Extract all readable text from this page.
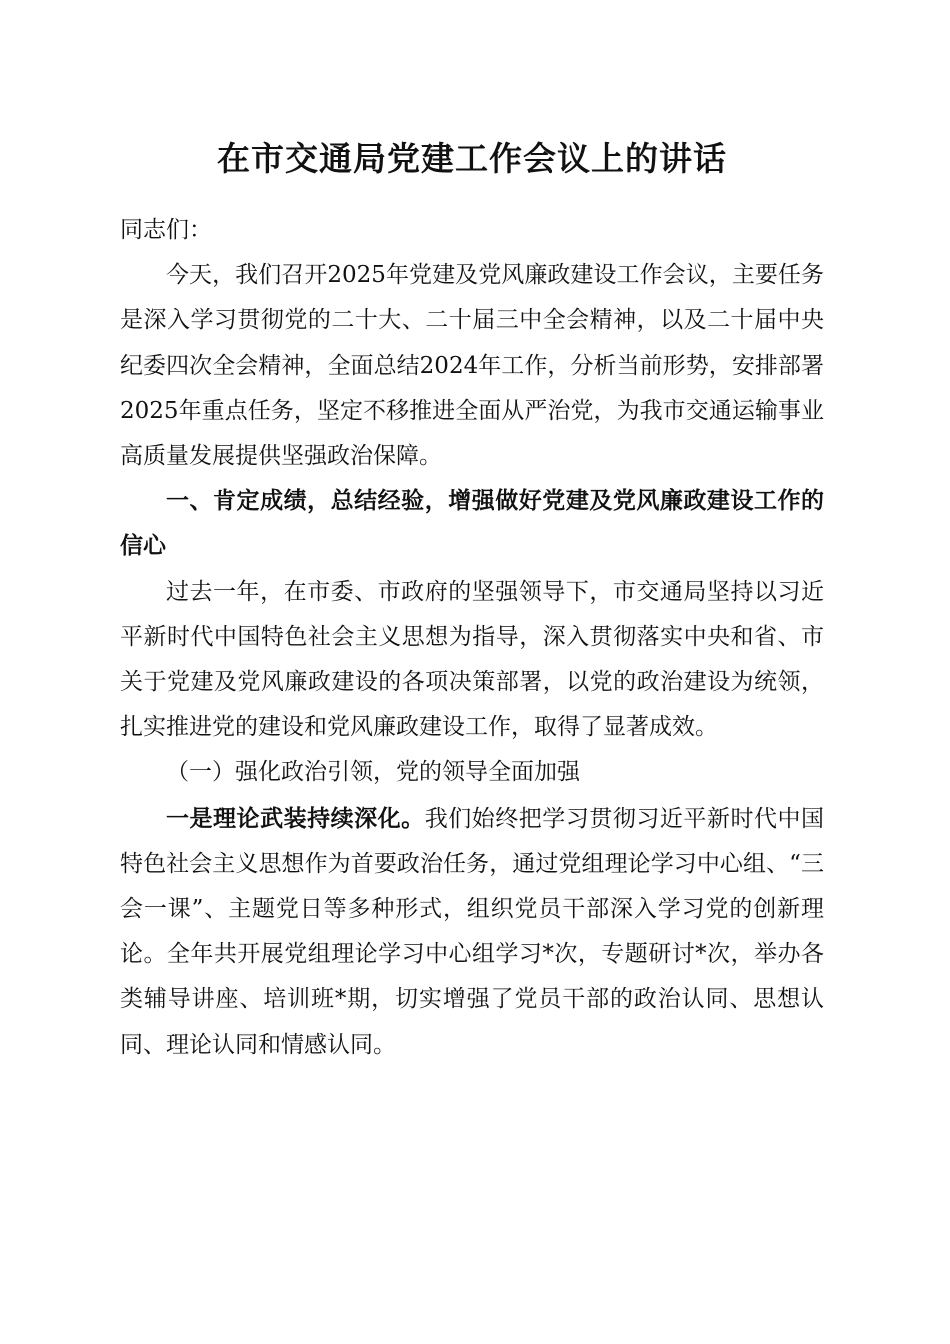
在市交通局党建工作会议上的讲话

同志们：

今天，我们召开2025年党建及党风廉政建设工作会议，主要任务是深入学习贯彻党的二十大、二十届三中全会精神，以及二十届中央纪委四次全会精神，全面总结2024年工作，分析当前形势，安排部署2025年重点任务，坚定不移推进全面从严治党，为我市交通运输事业高质量发展提供坚强政治保障。

一、肯定成绩，总结经验，增强做好党建及党风廉政建设工作的信心

过去一年，在市委、市政府的坚强领导下，市交通局坚持以习近平新时代中国特色社会主义思想为指导，深入贯彻落实中央和省、市关于党建及党风廉政建设的各项决策部署，以党的政治建设为统领，扎实推进党的建设和党风廉政建设工作，取得了显著成效。

（一）强化政治引领，党的领导全面加强

一是理论武装持续深化。我们始终把学习贯彻习近平新时代中国特色社会主义思想作为首要政治任务，通过党组理论学习中心组、“三会一课”、主题党日等多种形式，组织党员干部深入学习党的创新理论。全年共开展党组理论学习中心组学习*次，专题研讨*次，举办各类辅导讲座、培训班*期，切实增强了党员干部的政治认同、思想认同、理论认同和情感认同。
